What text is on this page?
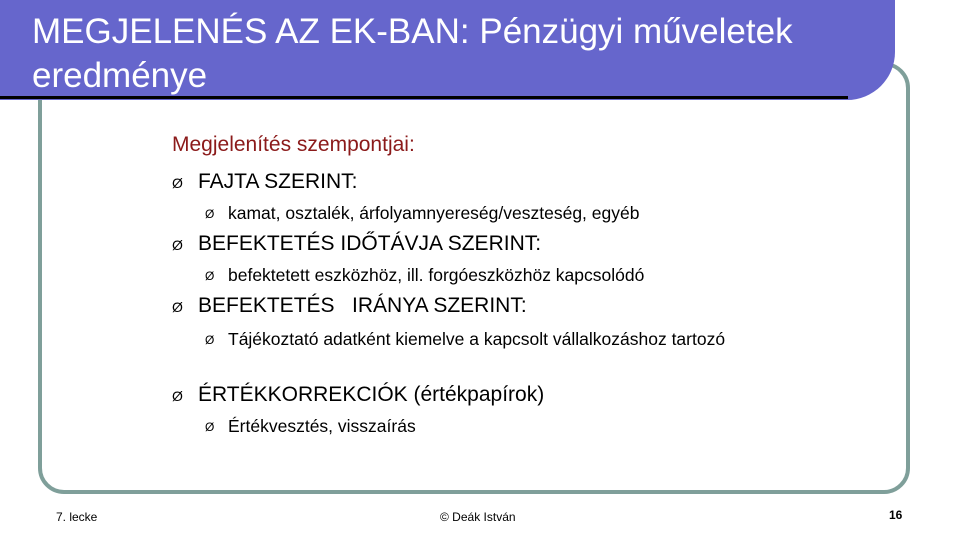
MEGJELENÉS AZ EK-BAN: Pénzügyi műveletek eredménye
Megjelenítés szempontjai:
Ø FAJTA SZERINT:
Ø kamat, osztalék, árfolyamnyereség/veszteség, egyéb
Ø BEFEKTETÉS IDŐTÁVJA SZERINT:
Ø befektetett eszközhöz, ill. forgóeszközhöz kapcsolódó
Ø BEFEKTETÉS   IRÁNYA SZERINT:
Ø Tájékoztató adatként kiemelve a kapcsolt vállalkozáshoz tartozó
Ø ÉRTÉKKORREKCIÓK (értékpapírok)
Ø Értékvesztés, visszaírás
7. lecke	© Deák István	16
